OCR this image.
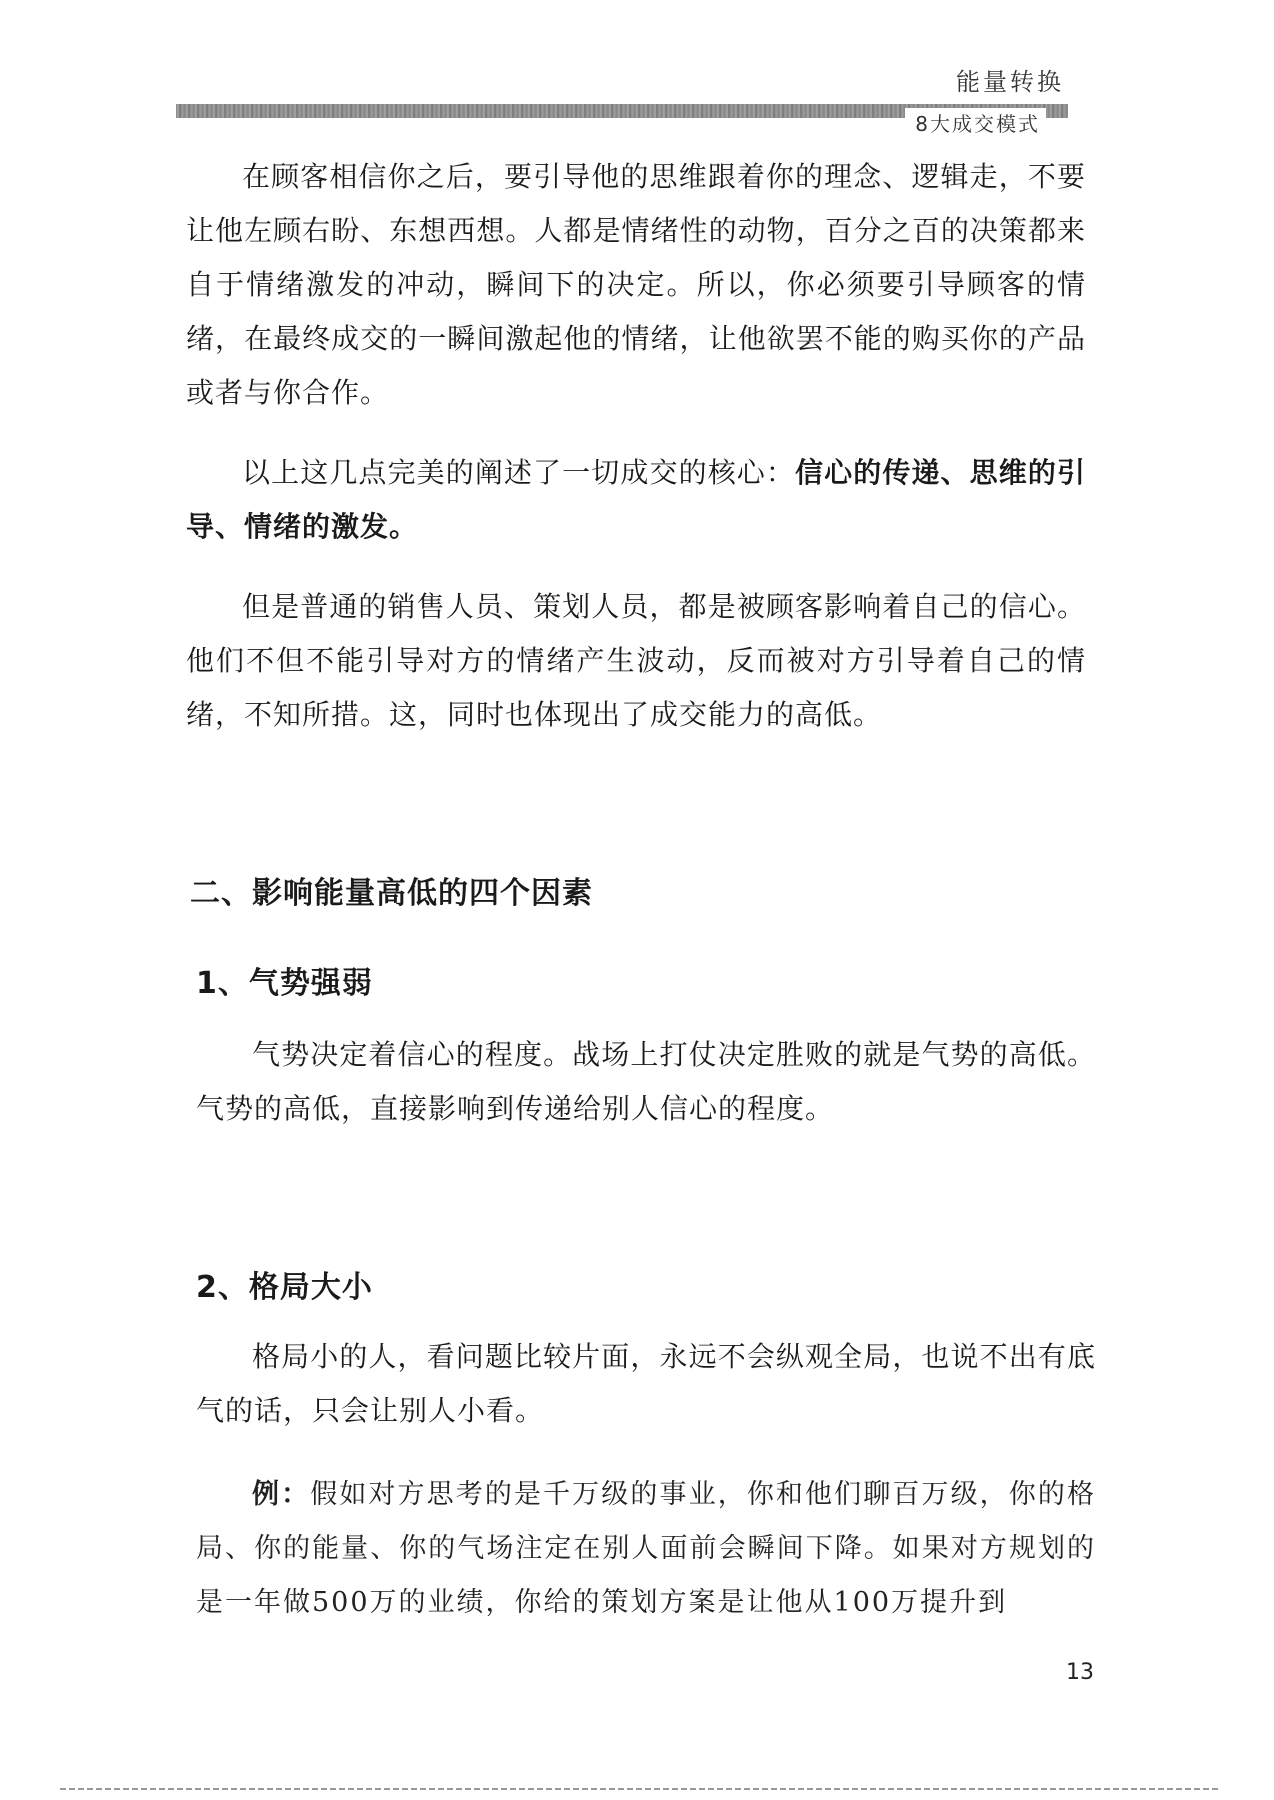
能量转换
8大成交模式

在顾客相信你之后，要引导他的思维跟着你的理念、逻辑走，不要让他左顾右盼、东想西想。人都是情绪性的动物，百分之百的决策都来自于情绪激发的冲动，瞬间下的决定。所以，你必须要引导顾客的情绪，在最终成交的一瞬间激起他的情绪，让他欲罢不能的购买你的产品或者与你合作。

以上这几点完美的阐述了一切成交的核心：信心的传递、思维的引导、情绪的激发。

但是普通的销售人员、策划人员，都是被顾客影响着自己的信心。他们不但不能引导对方的情绪产生波动，反而被对方引导着自己的情绪，不知所措。这，同时也体现出了成交能力的高低。

二、影响能量高低的四个因素
1、气势强弱

气势决定着信心的程度。战场上打仗决定胜败的就是气势的高低。气势的高低，直接影响到传递给别人信心的程度。

2、格局大小

格局小的人，看问题比较片面，永远不会纵观全局，也说不出有底气的话，只会让别人小看。

例：假如对方思考的是千万级的事业，你和他们聊百万级，你的格局、你的能量、你的气场注定在别人面前会瞬间下降。如果对方规划的是一年做500万的业绩，你给的策划方案是让他从100万提升到

13
